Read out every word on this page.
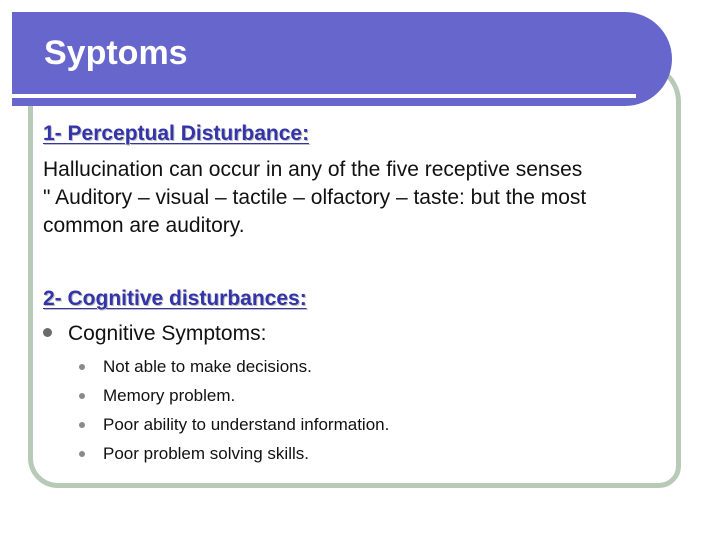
Syptoms
1- Perceptual Disturbance:

Hallucination can occur in any of the five receptive senses
" Auditory – visual – tactile – olfactory – taste: but the most
common are auditory.

2- Cognitive disturbances:
Cognitive Symptoms:
Not able to make decisions.
Memory problem.
Poor ability to understand information.
Poor problem solving skills.
